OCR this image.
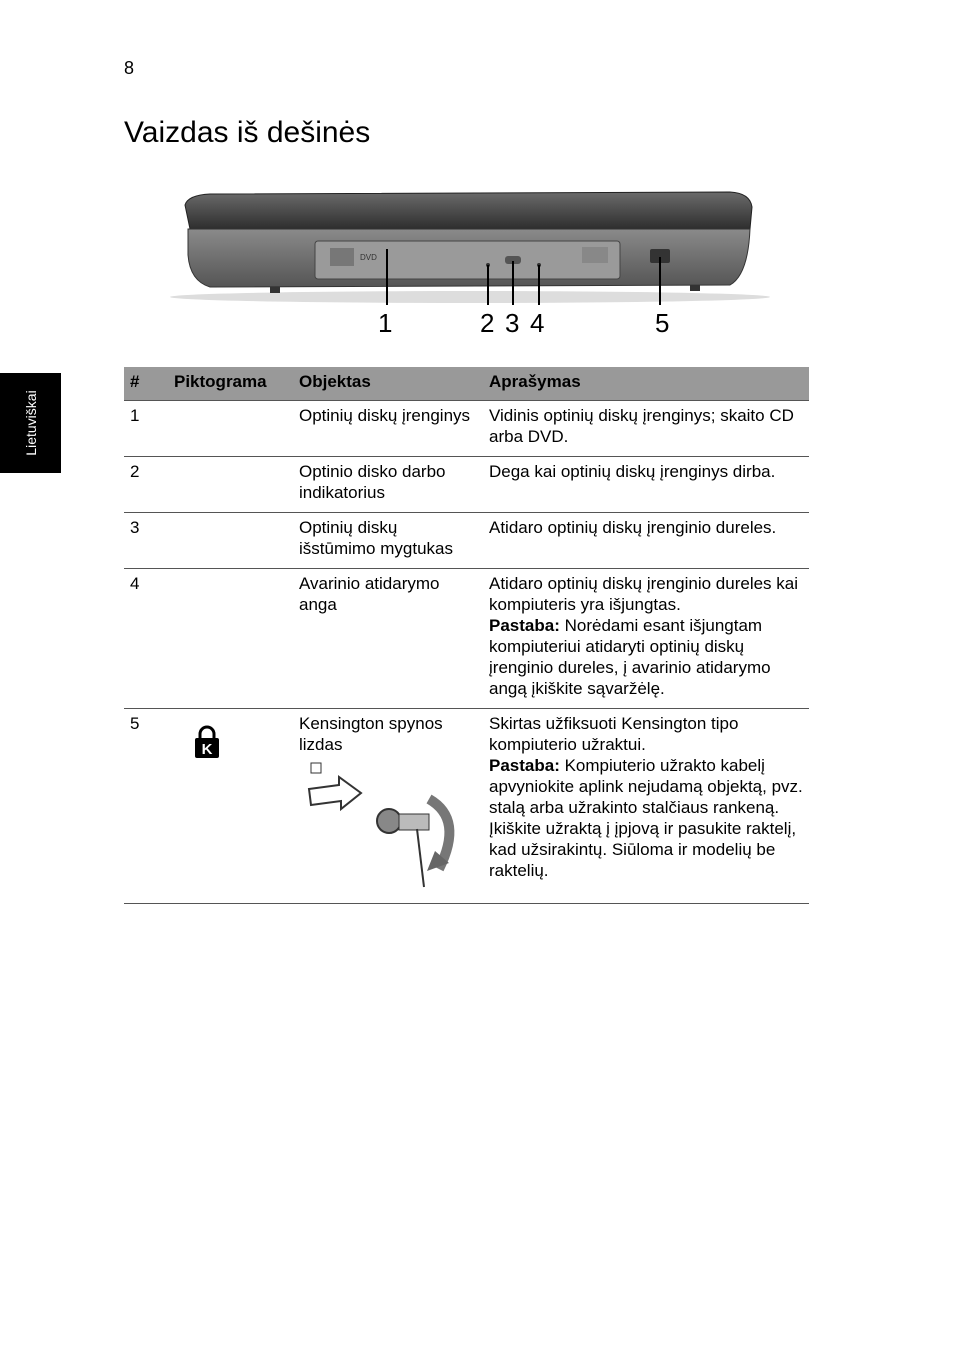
8
Vaizdas iš dešinės
Lietuviškai
DVD
1	2 3 4	5
#	Piktograma	Objektas	Aprašymas
1		Optinių diskų įrenginys	Vidinis optinių diskų įrenginys; skaito CD arba DVD.
2		Optinio disko darbo indikatorius	Dega kai optinių diskų įrenginys dirba.
3		Optinių diskų išstūmimo mygtukas	Atidaro optinių diskų įrenginio dureles.
4		Avarinio atidarymo anga	Atidaro optinių diskų įrenginio dureles kai kompiuteris yra išjungtas.

Pastaba: Norėdami esant išjungtam kompiuteriui atidaryti optinių diskų įrenginio dureles, į avarinio atidarymo angą įkiškite sąvaržėlę.

5	K	Kensington spynos lizdas	Skirtas užfiksuoti Kensington tipo kompiuterio užraktui.

Pastaba: Kompiuterio užrakto kabelį apvyniokite aplink nejudamą objektą, pvz. stalą arba užrakinto stalčiaus rankeną. Įkiškite užraktą į įpjovą ir pasukite raktelį, kad užsirakintų. Siūloma ir modelių be raktelių.
